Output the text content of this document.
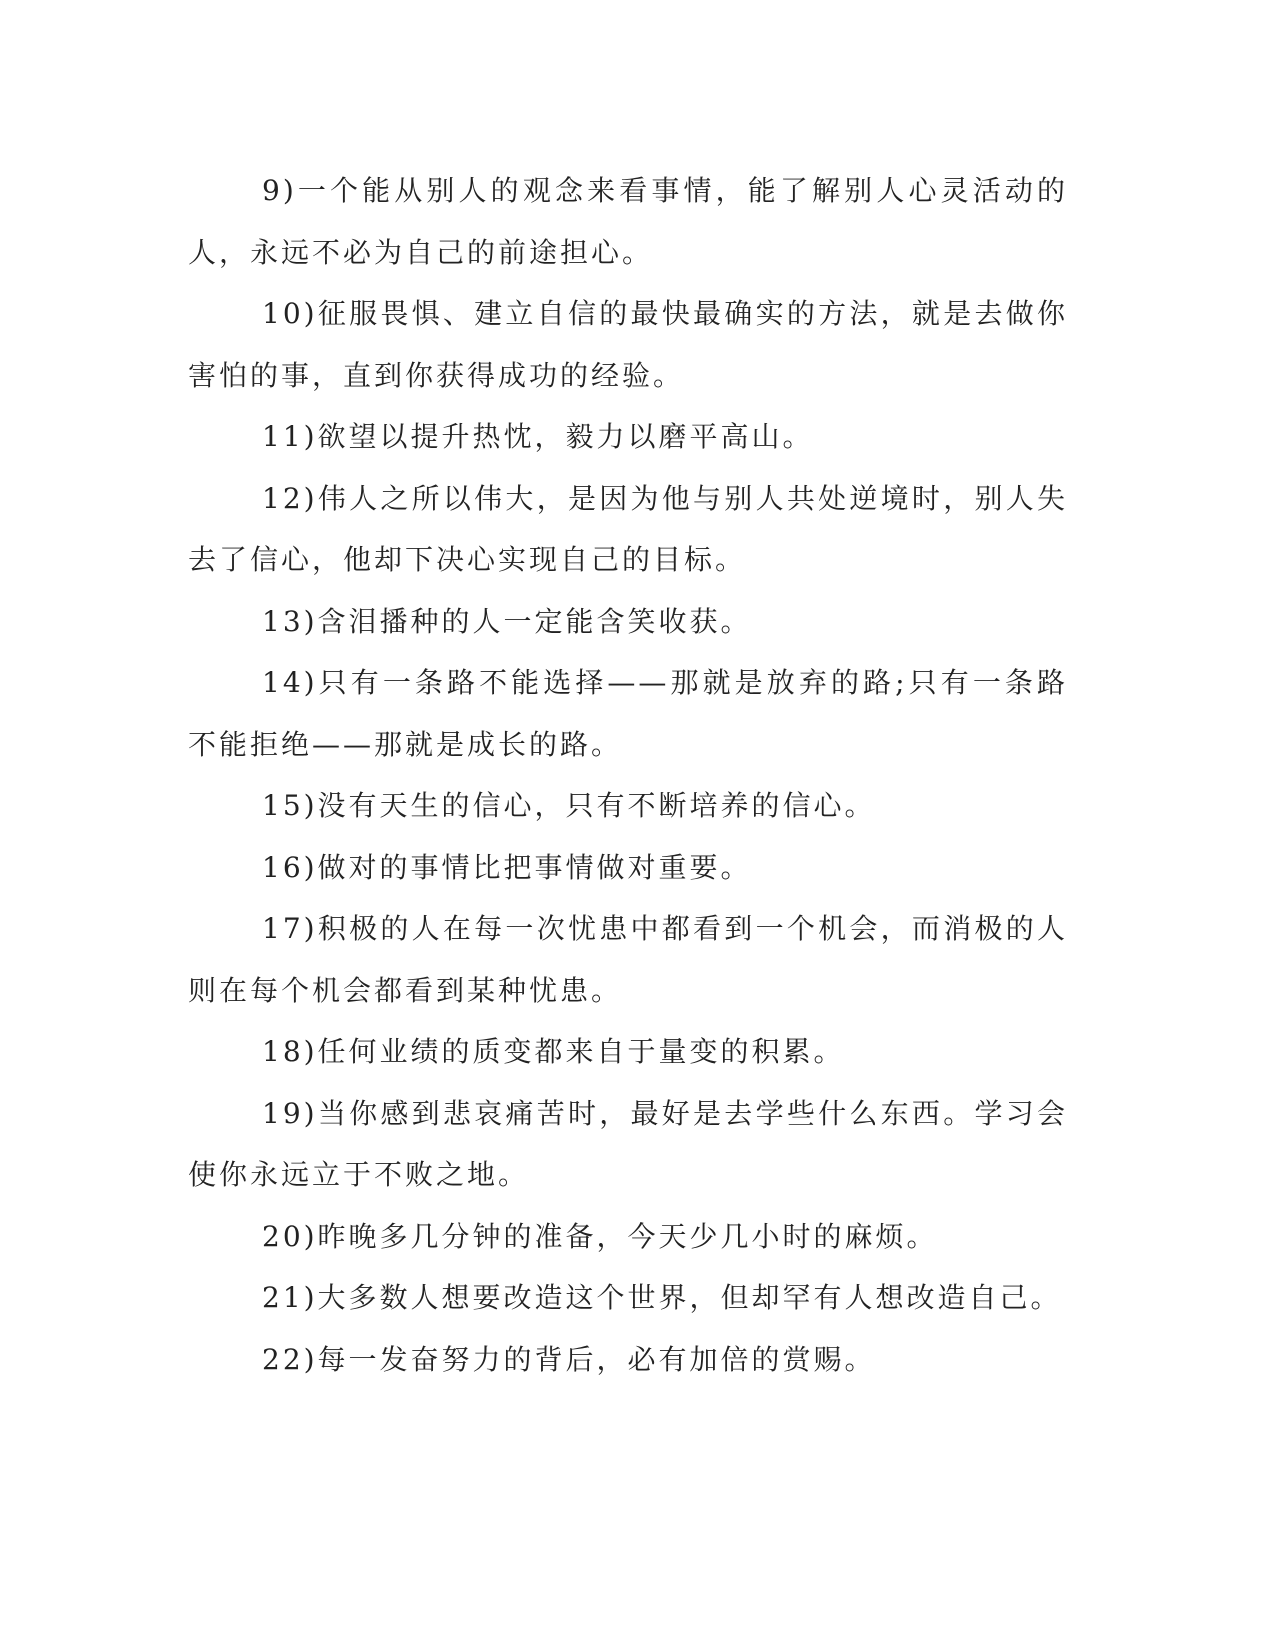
9)一个能从别人的观念来看事情，能了解别人心灵活动的人，永远不必为自己的前途担心。

10)征服畏惧、建立自信的最快最确实的方法，就是去做你害怕的事，直到你获得成功的经验。

11)欲望以提升热忱，毅力以磨平高山。

12)伟人之所以伟大，是因为他与别人共处逆境时，别人失去了信心，他却下决心实现自己的目标。

13)含泪播种的人一定能含笑收获。

14)只有一条路不能选择——那就是放弃的路;只有一条路不能拒绝——那就是成长的路。

15)没有天生的信心，只有不断培养的信心。

16)做对的事情比把事情做对重要。

17)积极的人在每一次忧患中都看到一个机会，而消极的人则在每个机会都看到某种忧患。

18)任何业绩的质变都来自于量变的积累。

19)当你感到悲哀痛苦时，最好是去学些什么东西。学习会使你永远立于不败之地。

20)昨晚多几分钟的准备，今天少几小时的麻烦。

21)大多数人想要改造这个世界，但却罕有人想改造自己。

22)每一发奋努力的背后，必有加倍的赏赐。
